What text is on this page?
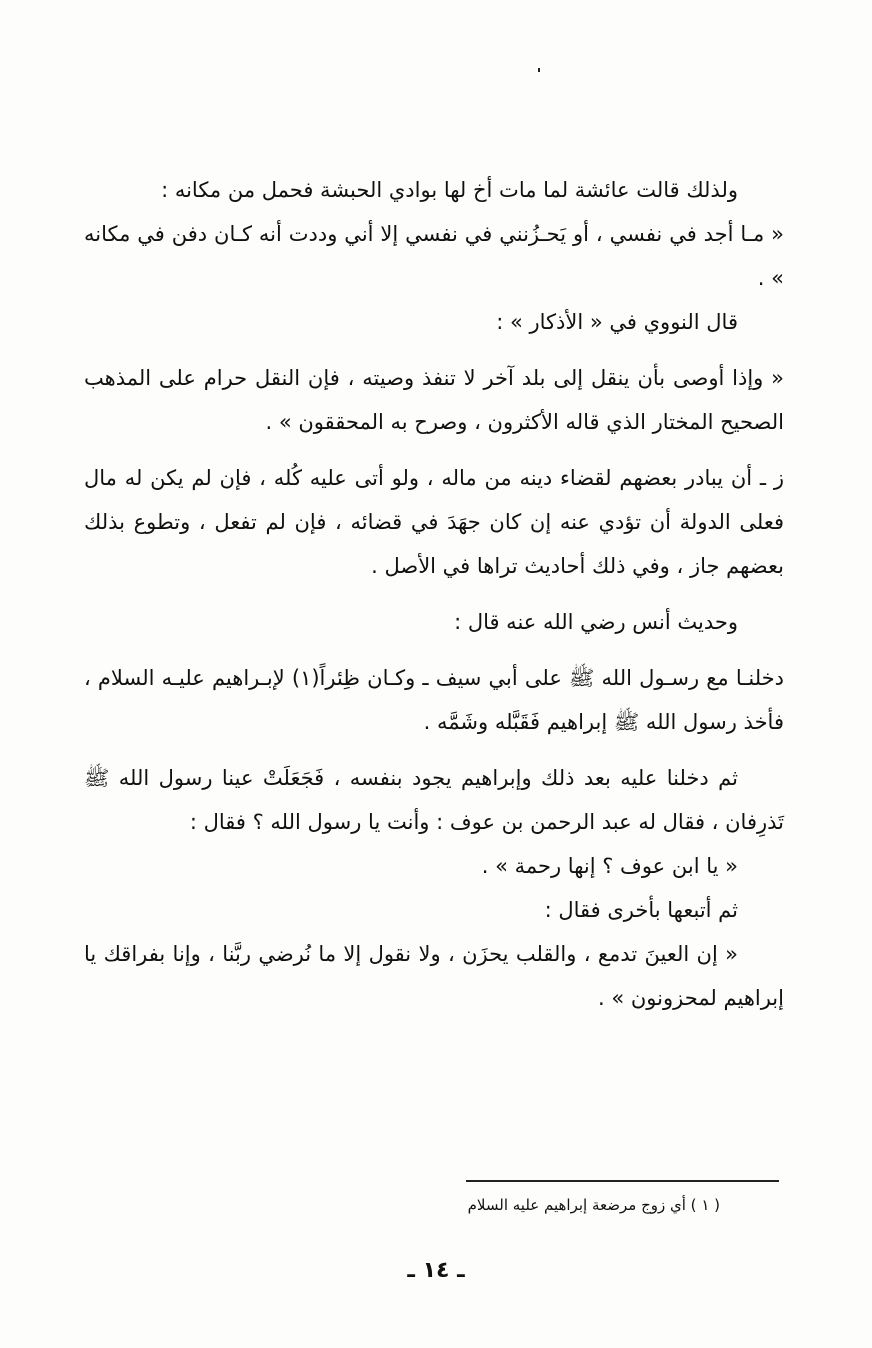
ولذلك قالت عائشة لما مات أخ لها بوادي الحبشة فحمل من مكانه :

« مـا أجد في نفسي ، أو يَحـزُنني في نفسي إلا أني وددت أنه كـان دفن في مكانه » .

قال النووي في « الأذكار » :

« وإذا أوصى بأن ينقل إلى بلد آخر لا تنفذ وصيته ، فإن النقل حرام على المذهب الصحيح المختار الذي قاله الأكثرون ، وصرح به المحققون » .

ز ـ أن يبادر بعضهم لقضاء دينه من ماله ، ولو أتى عليه كُله ، فإن لم يكن له مال فعلى الدولة أن تؤدي عنه إن كان جهَدَ في قضائه ، فإن لم تفعل ، وتطوع بذلك بعضهم جاز ، وفي ذلك أحاديث تراها في الأصل .

وحديث أنس رضي الله عنه قال :

دخلنـا مع رسـول الله ﷺ على أبي سيف ـ وكـان ظِئراً(١) لإبـراهيم عليـه السلام ، فأخذ رسول الله ﷺ إبراهيم فَقَبَّله وشَمَّه .

ثم دخلنا عليه بعد ذلك وإبراهيم يجود بنفسه ، فَجَعَلَتْ عينا رسول الله ﷺ تَذرِفان ، فقال له عبد الرحمن بن عوف : وأنت يا رسول الله ؟ فقال :

« يا ابن عوف ؟ إنها رحمة » .

ثم أتبعها بأخرى فقال :

« إن العينَ تدمع ، والقلب يحزَن ، ولا نقول إلا ما نُرضي ربَّنا ، وإنا بفراقك يا إبراهيم لمحزونون » .

( ١ ) أي زوج مرضعة إبراهيم عليه السلام
ـ ١٤ ـ
